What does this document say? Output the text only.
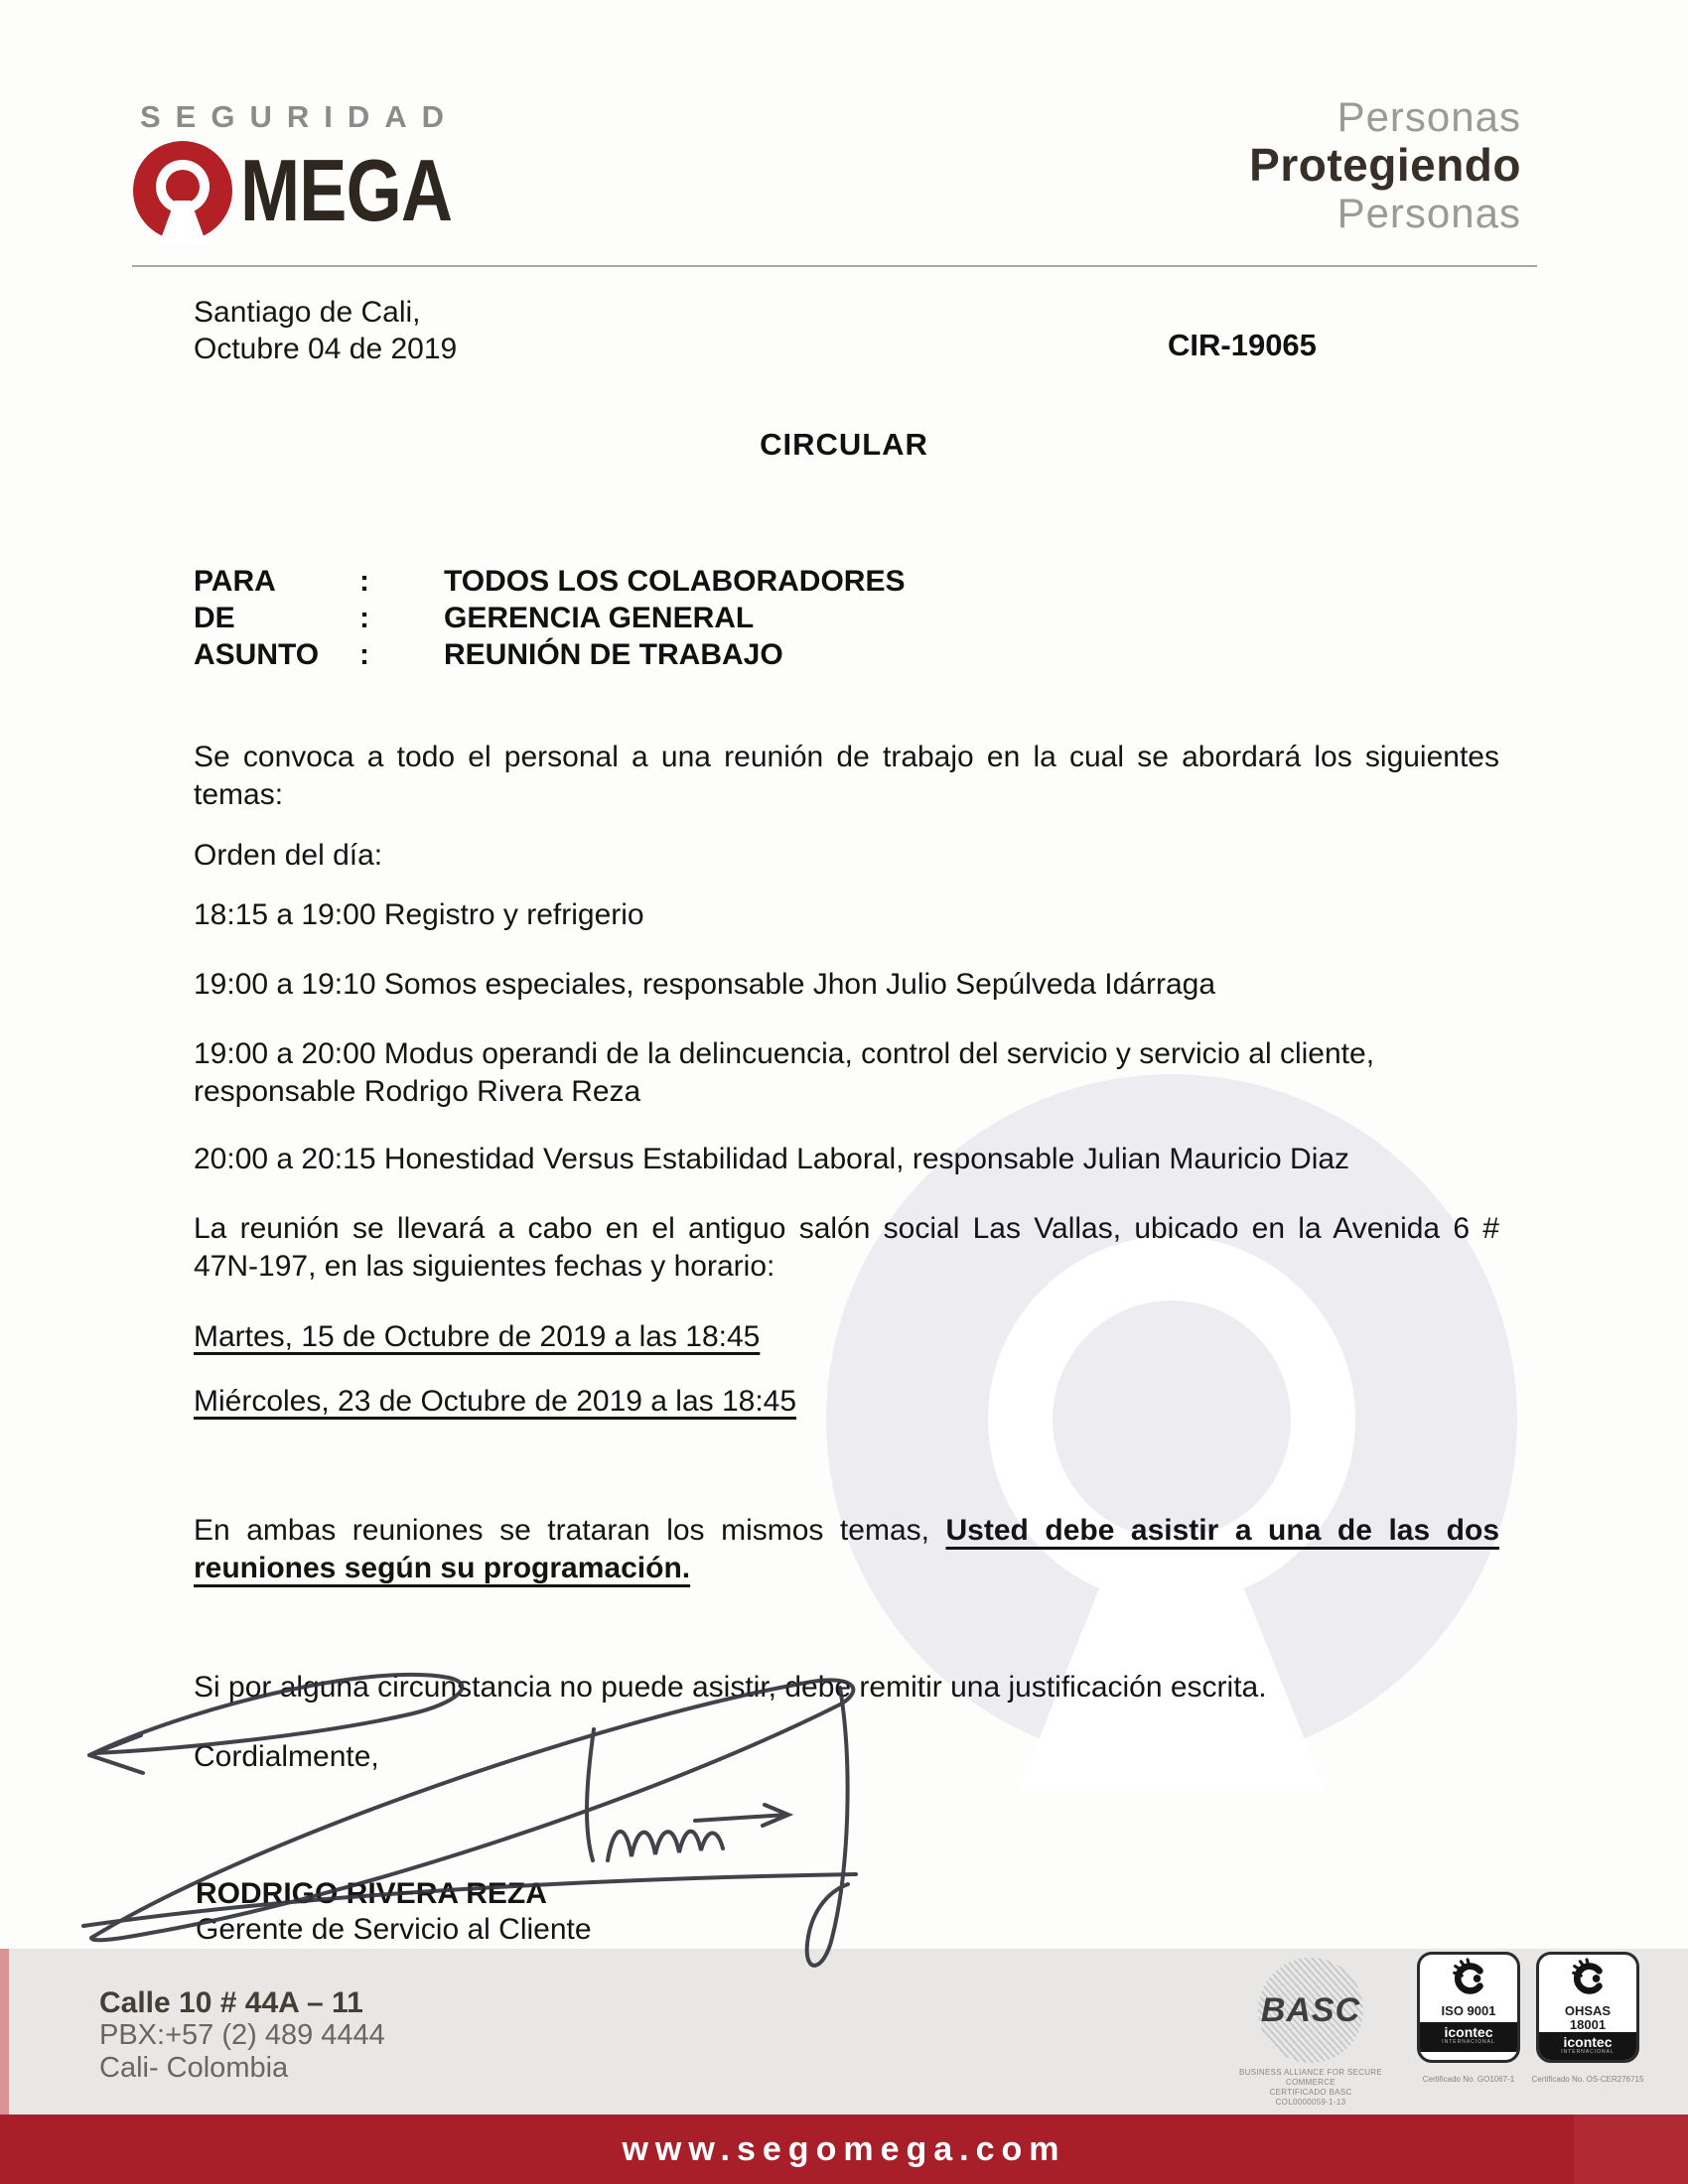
SEGURIDAD
MEGA
Personas
Protegiendo
Personas
Santiago de Cali,
Octubre 04 de 2019	CIR-19065
CIRCULAR
PARA	:	TODOS LOS COLABORADORES
DE	:	GERENCIA GENERAL
ASUNTO :	REUNIÓN DE TRABAJO
Se convoca a todo el personal a una reunión de trabajo en la cual se abordará los siguientes
temas:
Orden del día:
18:15 a 19:00 Registro y refrigerio
19:00 a 19:10 Somos especiales, responsable Jhon Julio Sepúlveda Idárraga
19:00 a 20:00 Modus operandi de la delincuencia, control del servicio y servicio al cliente,
responsable Rodrigo Rivera Reza
20:00 a 20:15 Honestidad Versus Estabilidad Laboral, responsable Julian Mauricio Diaz
La reunión se llevará a cabo en el antiguo salón social Las Vallas, ubicado en la Avenida 6 #
47N-197, en las siguientes fechas y horario:
Martes, 15 de Octubre de 2019 a las 18:45
Miércoles, 23 de Octubre de 2019 a las 18:45
En ambas reuniones se trataran los mismos temas, Usted debe asistir a una de las dos
reuniones según su programación.
Si por alguna circunstancia no puede asistir, debe remitir una justificación escrita.
Cordialmente,
RODRIGO RIVERA REZA
Gerente de Servicio al Cliente
Calle 10 # 44A – 11
PBX:+57 (2) 489 4444
Cali- Colombia
BASC
BUSINESS ALLIANCE FOR SECURE COMMERCE
CERTIFICADO BASC
COL0000059-1-13
ISO 9001
icontec
INTERNACIONAL
Certificado No. GO1067-1
OHSAS
18001
icontec
INTERNACIONAL
Certificado No. OS-CER276715
www.segomega.com
